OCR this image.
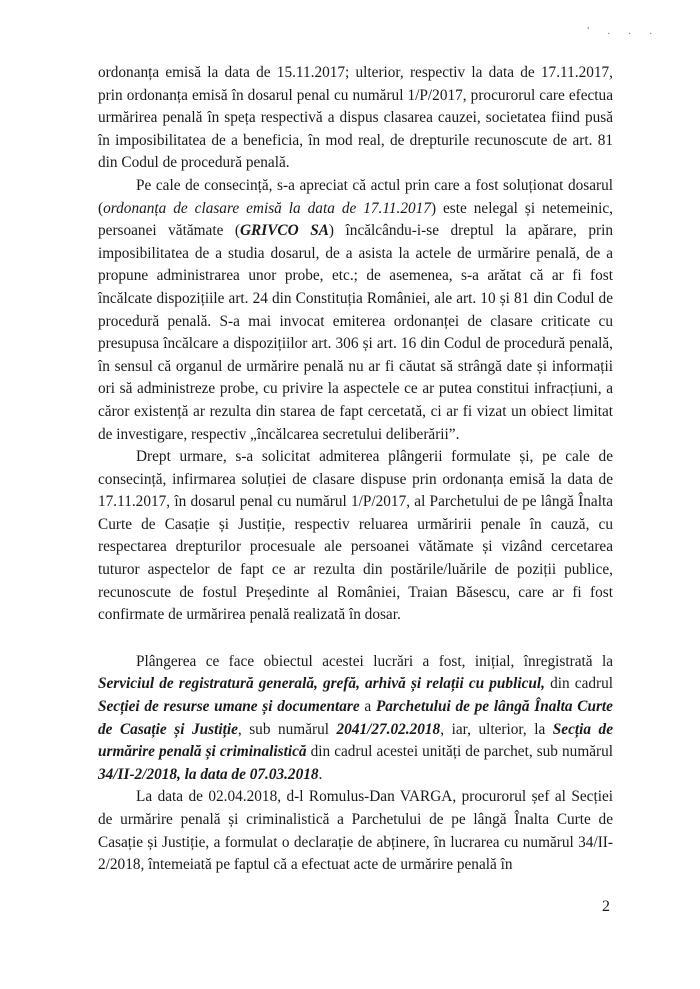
' . . .

ordonanța emisă la data de 15.11.2017; ulterior, respectiv la data de 17.11.2017, prin ordonanța emisă în dosarul penal cu numărul 1/P/2017, procurorul care efectua urmărirea penală în speța respectivă a dispus clasarea cauzei, societatea fiind pusă în imposibilitatea de a beneficia, în mod real, de drepturile recunoscute de art. 81 din Codul de procedură penală.

Pe cale de consecință, s-a apreciat că actul prin care a fost soluționat dosarul (ordonanța de clasare emisă la data de 17.11.2017) este nelegal și netemeinic, persoanei vătămate (GRIVCO SA) încălcându-i-se dreptul la apărare, prin imposibilitatea de a studia dosarul, de a asista la actele de urmărire penală, de a propune administrarea unor probe, etc.; de asemenea, s-a arătat că ar fi fost încălcate dispozițiile art. 24 din Constituția României, ale art. 10 și 81 din Codul de procedură penală. S-a mai invocat emiterea ordonanței de clasare criticate cu presupusa încălcare a dispozițiilor art. 306 și art. 16 din Codul de procedură penală, în sensul că organul de urmărire penală nu ar fi căutat să strângă date și informații ori să administreze probe, cu privire la aspectele ce ar putea constitui infracțiuni, a căror existență ar rezulta din starea de fapt cercetată, ci ar fi vizat un obiect limitat de investigare, respectiv „încălcarea secretului deliberării”.

Drept urmare, s-a solicitat admiterea plângerii formulate și, pe cale de consecință, infirmarea soluției de clasare dispuse prin ordonanța emisă la data de 17.11.2017, în dosarul penal cu numărul 1/P/2017, al Parchetului de pe lângă Înalta Curte de Casație și Justiție, respectiv reluarea urmăririi penale în cauză, cu respectarea drepturilor procesuale ale persoanei vătămate și vizând cercetarea tuturor aspectelor de fapt ce ar rezulta din postările/luările de poziții publice, recunoscute de fostul Președinte al României, Traian Băsescu, care ar fi fost confirmate de urmărirea penală realizată în dosar.

Plângerea ce face obiectul acestei lucrări a fost, inițial, înregistrată la Serviciul de registratură generală, grefă, arhivă și relații cu publicul, din cadrul Secției de resurse umane și documentare a Parchetului de pe lângă Înalta Curte de Casație și Justiție, sub numărul 2041/27.02.2018, iar, ulterior, la Secția de urmărire penală și criminalistică din cadrul acestei unități de parchet, sub numărul 34/II-2/2018, la data de 07.03.2018.

La data de 02.04.2018, d-l Romulus-Dan VARGA, procurorul șef al Secției de urmărire penală și criminalistică a Parchetului de pe lângă Înalta Curte de Casație și Justiție, a formulat o declarație de abținere, în lucrarea cu numărul 34/II-2/2018, întemeiată pe faptul că a efectuat acte de urmărire penală în

2
